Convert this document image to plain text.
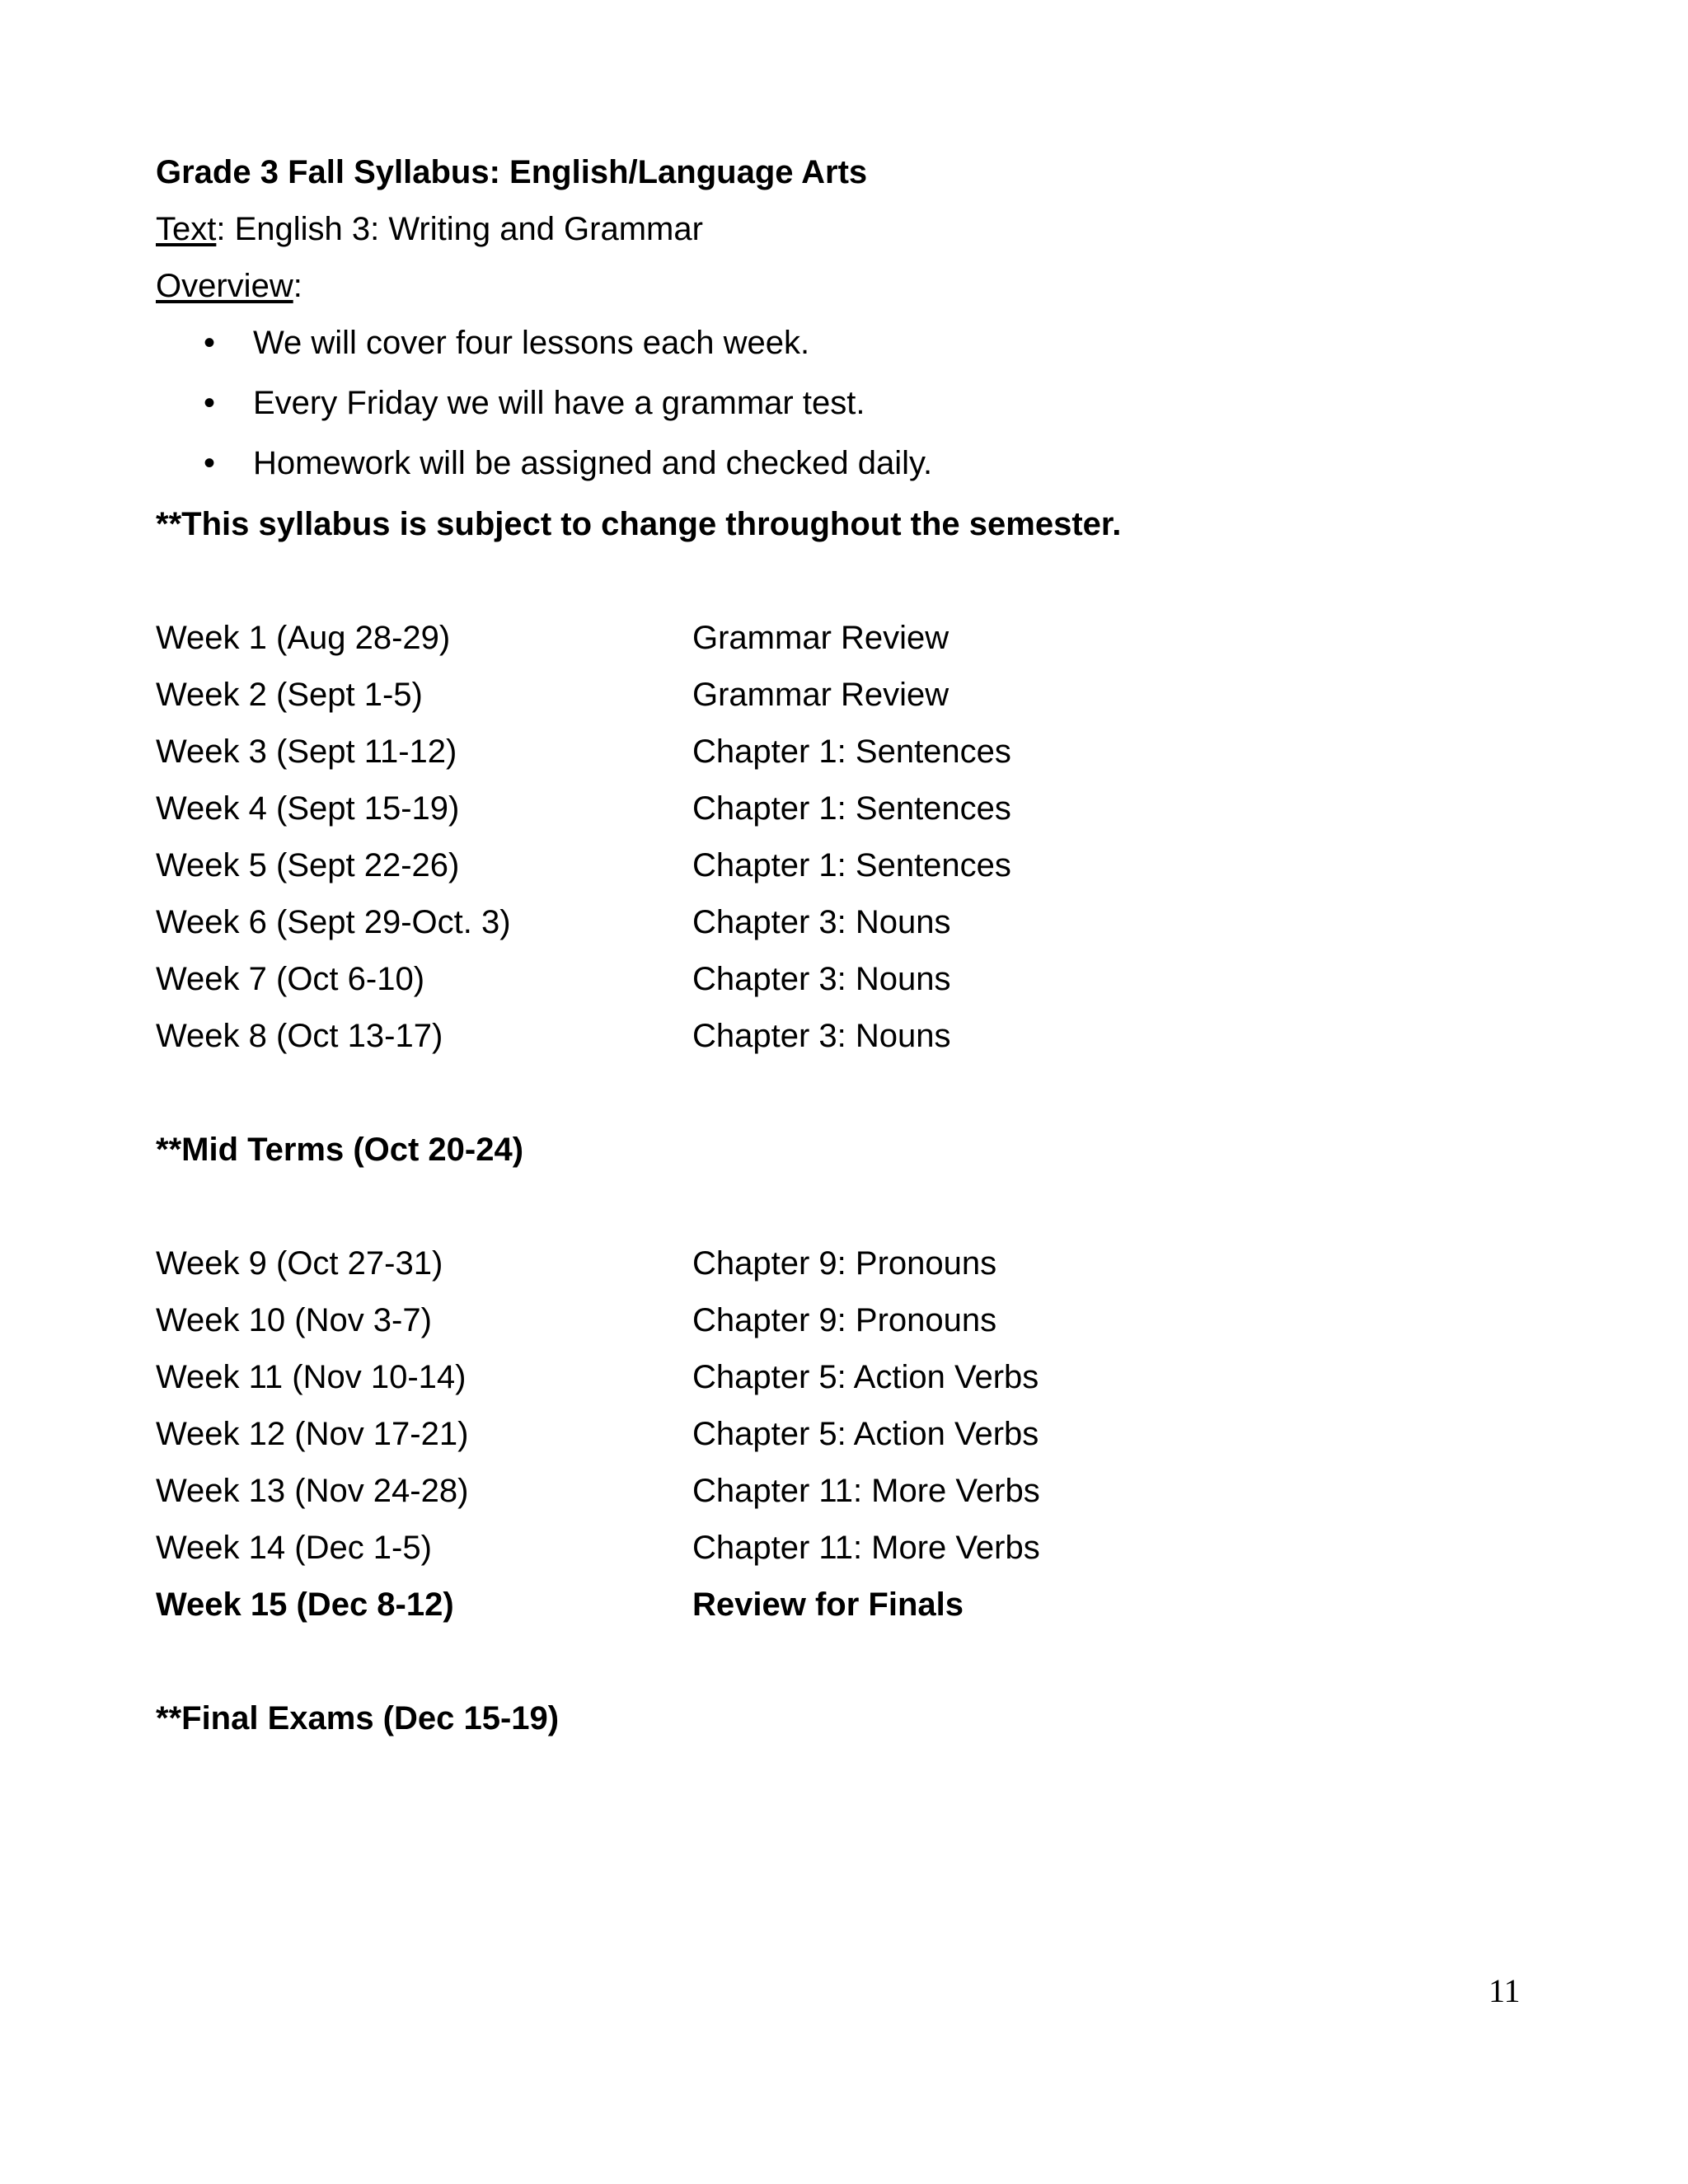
Grade 3 Fall Syllabus: English/Language Arts
Text: English 3: Writing and Grammar
Overview:
• We will cover four lessons each week.
• Every Friday we will have a grammar test.
• Homework will be assigned and checked daily.
**This syllabus is subject to change throughout the semester.
Week 1 (Aug 28-29)	Grammar Review
Week 2 (Sept 1-5)	Grammar Review
Week 3 (Sept 11-12)	Chapter 1: Sentences
Week 4 (Sept 15-19)	Chapter 1: Sentences
Week 5 (Sept 22-26)	Chapter 1: Sentences
Week 6 (Sept 29-Oct. 3)	Chapter 3: Nouns
Week 7 (Oct 6-10)	Chapter 3: Nouns
Week 8 (Oct 13-17)	Chapter 3: Nouns
**Mid Terms (Oct 20-24)
Week 9 (Oct 27-31)	Chapter 9: Pronouns
Week 10 (Nov 3-7)	Chapter 9: Pronouns
Week 11 (Nov 10-14)	Chapter 5: Action Verbs
Week 12 (Nov 17-21)	Chapter 5: Action Verbs
Week 13 (Nov 24-28)	Chapter 11: More Verbs
Week 14 (Dec 1-5)	Chapter 11: More Verbs
Week 15 (Dec 8-12)	Review for Finals
**Final Exams (Dec 15-19)
11
